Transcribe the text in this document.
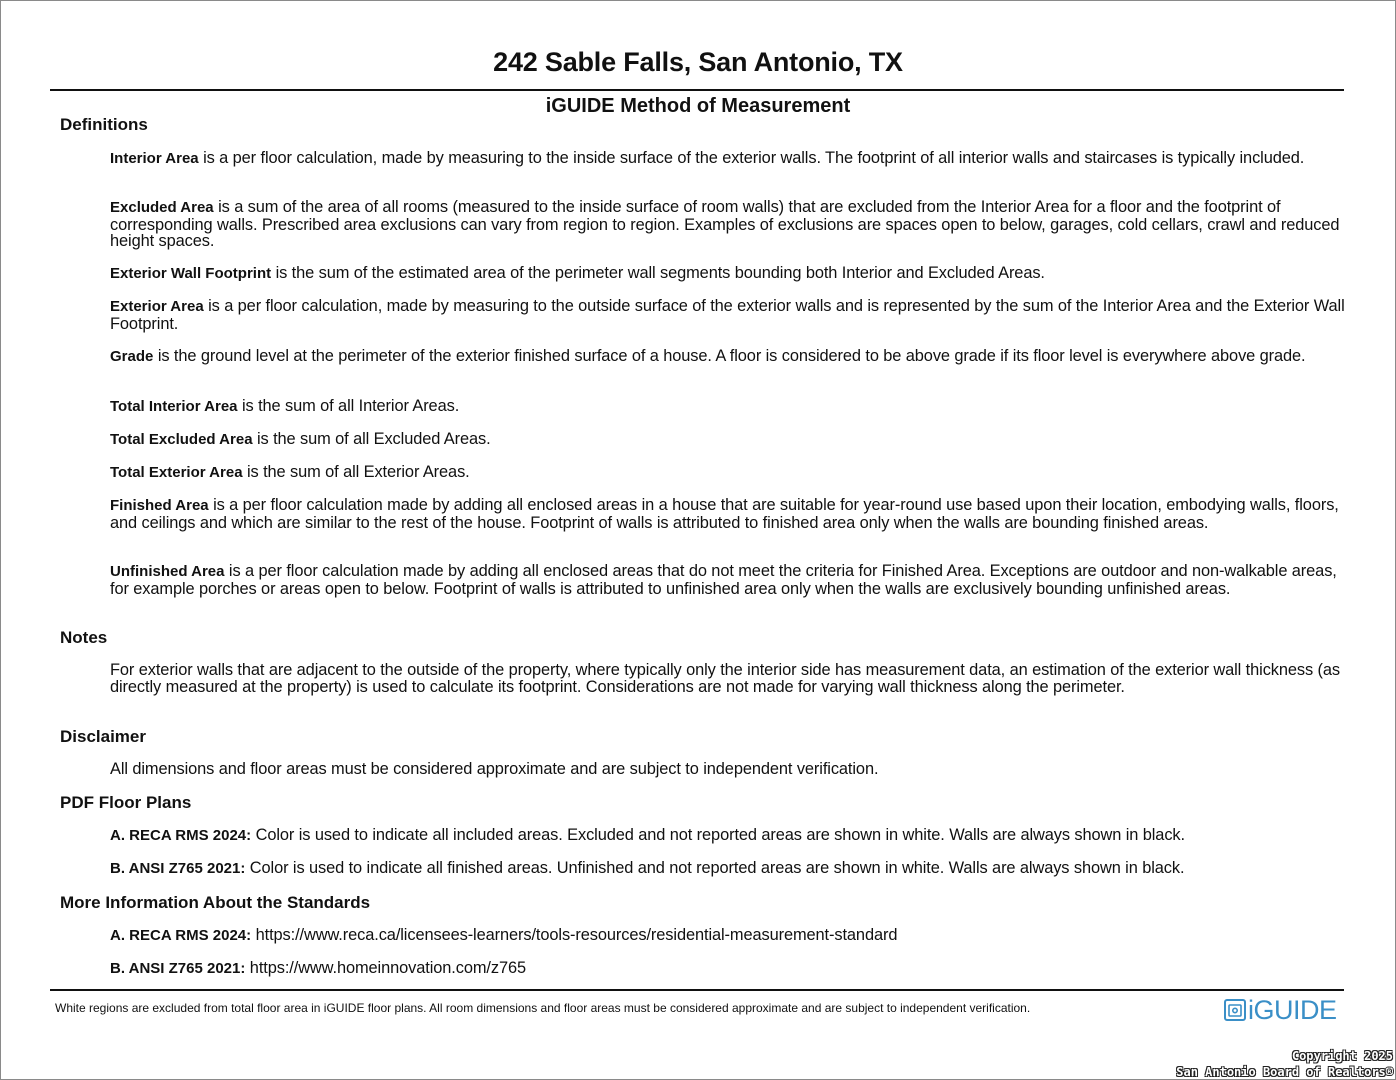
242 Sable Falls, San Antonio, TX
iGUIDE Method of Measurement
Definitions
Interior Area is a per floor calculation, made by measuring to the inside surface of the exterior walls. The footprint of all interior walls and staircases is typically included.
Excluded Area is a sum of the area of all rooms (measured to the inside surface of room walls) that are excluded from the Interior Area for a floor and the footprint of corresponding walls. Prescribed area exclusions can vary from region to region. Examples of exclusions are spaces open to below, garages, cold cellars, crawl and reduced height spaces.
Exterior Wall Footprint is the sum of the estimated area of the perimeter wall segments bounding both Interior and Excluded Areas.
Exterior Area is a per floor calculation, made by measuring to the outside surface of the exterior walls and is represented by the sum of the Interior Area and the Exterior Wall Footprint.
Grade is the ground level at the perimeter of the exterior finished surface of a house. A floor is considered to be above grade if its floor level is everywhere above grade.
Total Interior Area is the sum of all Interior Areas.
Total Excluded Area is the sum of all Excluded Areas.
Total Exterior Area is the sum of all Exterior Areas.
Finished Area is a per floor calculation made by adding all enclosed areas in a house that are suitable for year-round use based upon their location, embodying walls, floors, and ceilings and which are similar to the rest of the house. Footprint of walls is attributed to finished area only when the walls are bounding finished areas.
Unfinished Area is a per floor calculation made by adding all enclosed areas that do not meet the criteria for Finished Area. Exceptions are outdoor and non-walkable areas, for example porches or areas open to below. Footprint of walls is attributed to unfinished area only when the walls are exclusively bounding unfinished areas.
Notes
For exterior walls that are adjacent to the outside of the property, where typically only the interior side has measurement data, an estimation of the exterior wall thickness (as directly measured at the property) is used to calculate its footprint. Considerations are not made for varying wall thickness along the perimeter.
Disclaimer
All dimensions and floor areas must be considered approximate and are subject to independent verification.
PDF Floor Plans
A. RECA RMS 2024: Color is used to indicate all included areas. Excluded and not reported areas are shown in white. Walls are always shown in black.
B. ANSI Z765 2021: Color is used to indicate all finished areas. Unfinished and not reported areas are shown in white. Walls are always shown in black.
More Information About the Standards
A. RECA RMS 2024: https://www.reca.ca/licensees-learners/tools-resources/residential-measurement-standard
B. ANSI Z765 2021: https://www.homeinnovation.com/z765
White regions are excluded from total floor area in iGUIDE floor plans. All room dimensions and floor areas must be considered approximate and are subject to independent verification.	iGUIDE
Copyright 2025
San Antonio Board of Realtors®
